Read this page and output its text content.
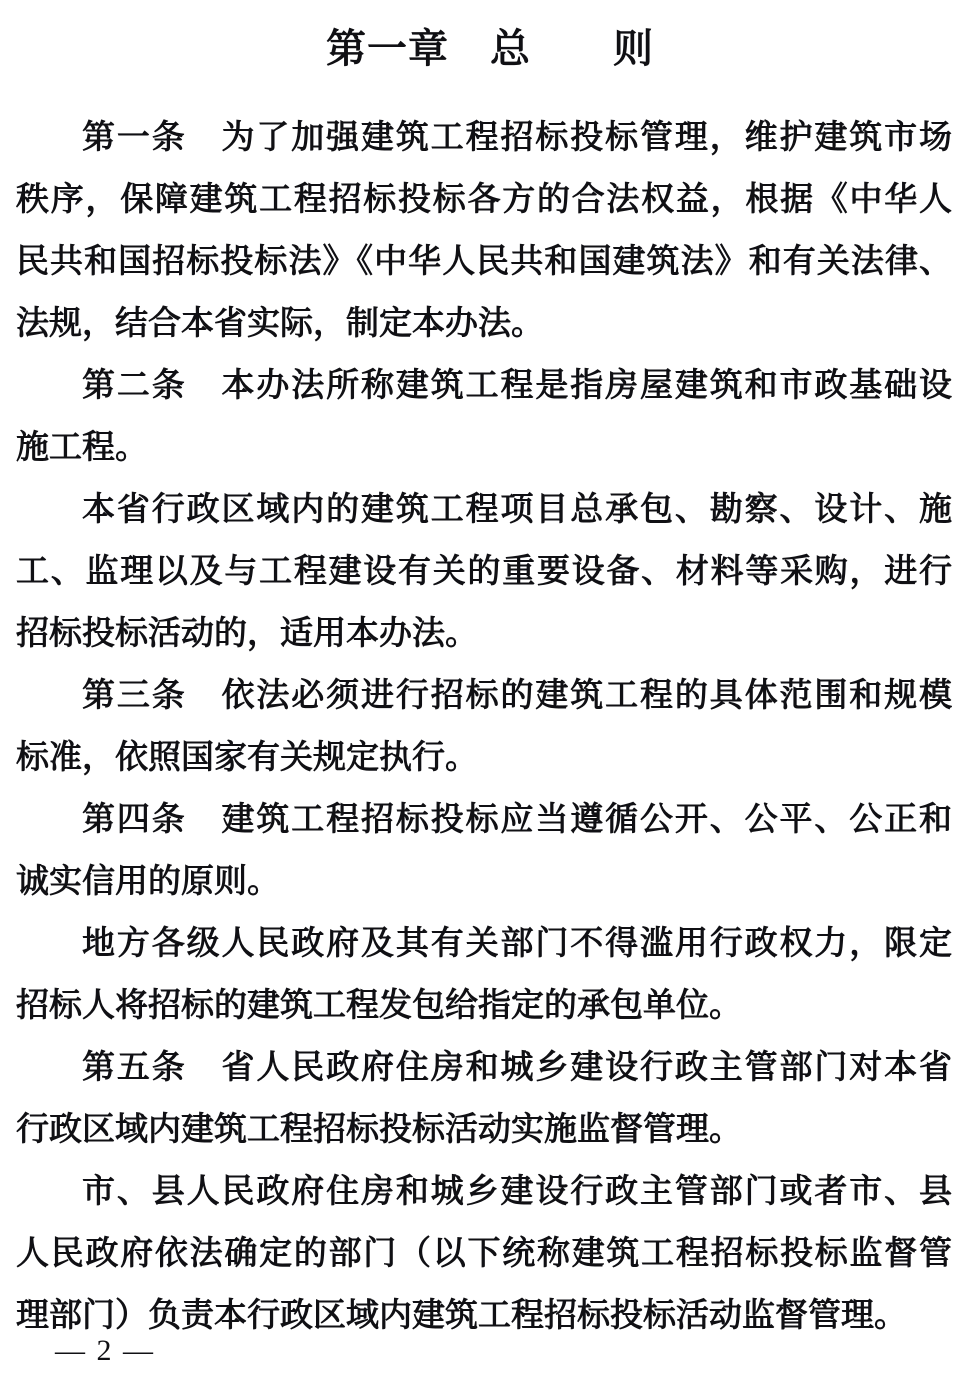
第一章　总　　则
第一条　为了加强建筑工程招标投标管理，维护建筑市场
秩序，保障建筑工程招标投标各方的合法权益，根据《中华人
民共和国招标投标法》《中华人民共和国建筑法》和有关法律、
法规，结合本省实际，制定本办法。
第二条　本办法所称建筑工程是指房屋建筑和市政基础设
施工程。
本省行政区域内的建筑工程项目总承包、勘察、设计、施
工、监理以及与工程建设有关的重要设备、材料等采购，进行
招标投标活动的，适用本办法。
第三条　依法必须进行招标的建筑工程的具体范围和规模
标准，依照国家有关规定执行。
第四条　建筑工程招标投标应当遵循公开、公平、公正和
诚实信用的原则。
地方各级人民政府及其有关部门不得滥用行政权力，限定
招标人将招标的建筑工程发包给指定的承包单位。
第五条　省人民政府住房和城乡建设行政主管部门对本省
行政区域内建筑工程招标投标活动实施监督管理。
市、县人民政府住房和城乡建设行政主管部门或者市、县
人民政府依法确定的部门（以下统称建筑工程招标投标监督管
理部门）负责本行政区域内建筑工程招标投标活动监督管理。
— 2 —
